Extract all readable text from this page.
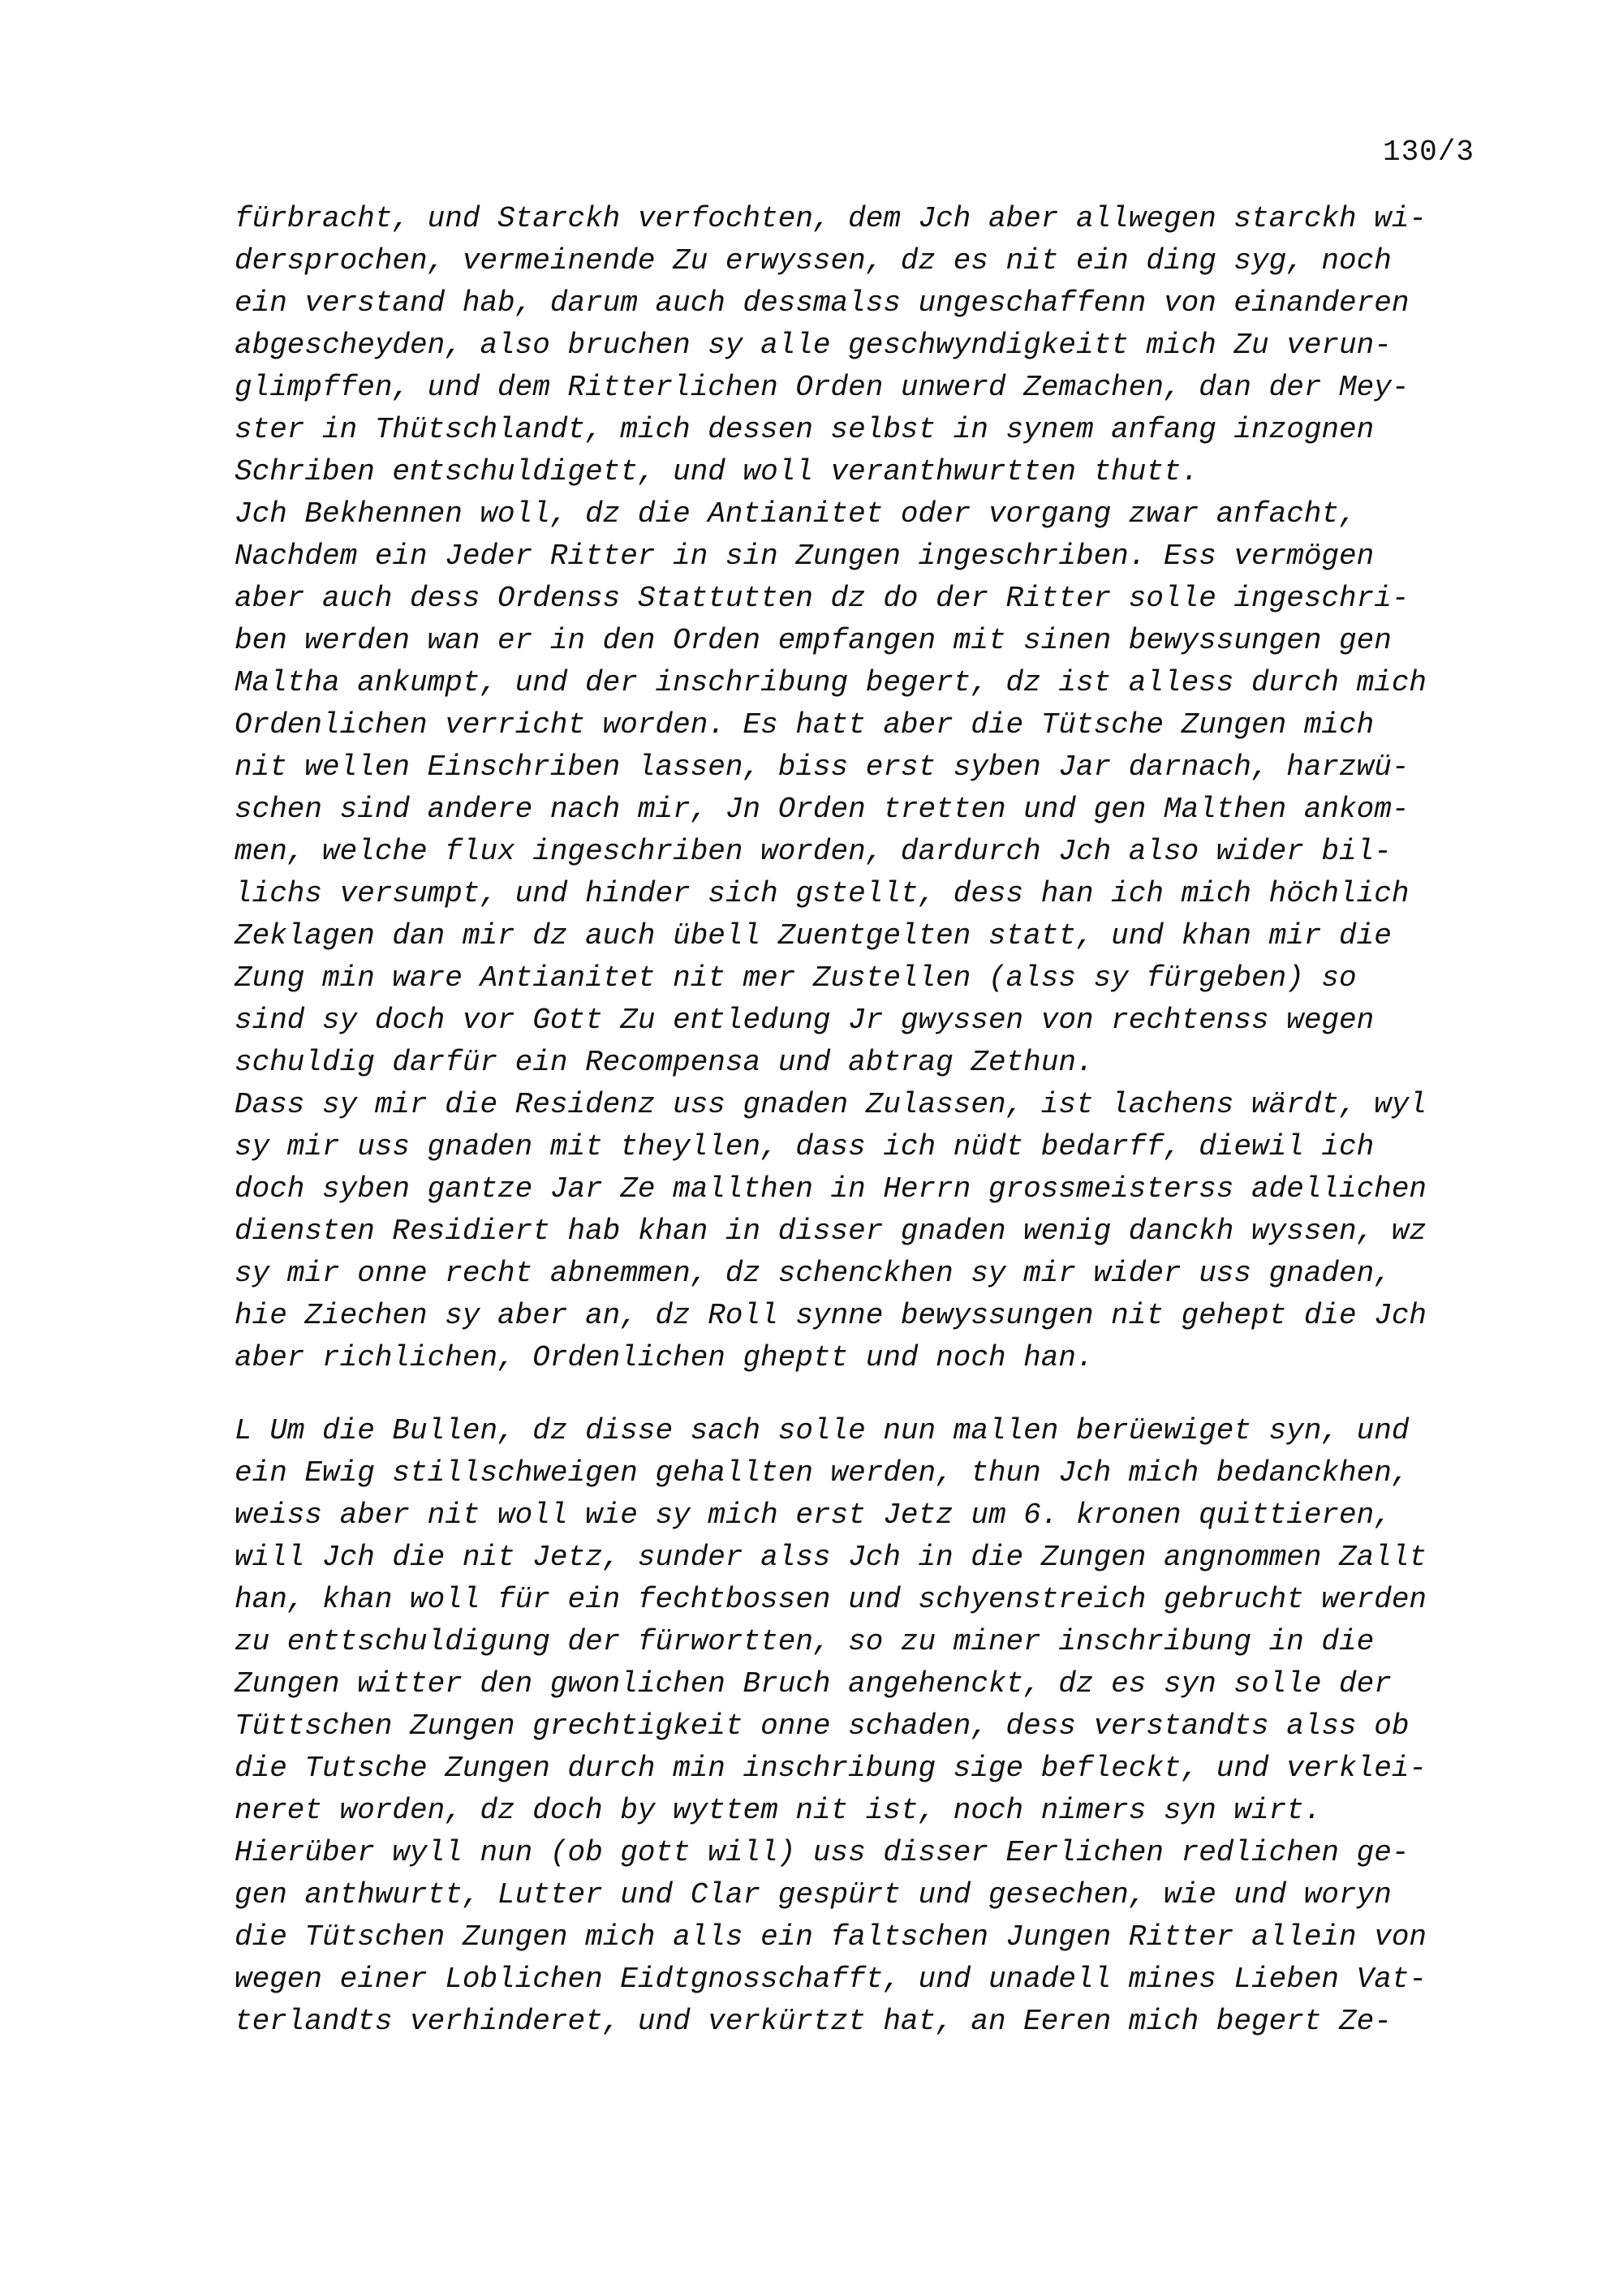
130/3
fürbracht, und Starckh verfochten, dem Jch aber allwegen starckh wi-
dersprochen, vermeinende Zu erwyssen, dz es nit ein ding syg, noch
ein verstand hab, darum auch dessmalss ungeschaffenn von einanderen
abgescheyden, also bruchen sy alle geschwyndigkeitt mich Zu verun-
glimpffen, und dem Ritterlichen Orden unwerd Zemachen, dan der Mey-
ster in Thütschlandt, mich dessen selbst in synem anfang inzognen
Schriben entschuldigett, und woll veranthwurtten thutt.
Jch Bekhennen woll, dz die Antianitet oder vorgang zwar anfacht,
Nachdem ein Jeder Ritter in sin Zungen ingeschriben. Ess vermögen
aber auch dess Ordenss Stattutten dz do der Ritter solle ingeschri-
ben werden wan er in den Orden empfangen mit sinen bewyssungen gen
Maltha ankumpt, und der inschribung begert, dz ist alless durch mich
Ordenlichen verricht worden. Es hatt aber die Tütsche Zungen mich
nit wellen Einschriben lassen, biss erst syben Jar darnach, harzwü-
schen sind andere nach mir, Jn Orden tretten und gen Malthen ankom-
men, welche flux ingeschriben worden, dardurch Jch also wider bil-
lichs versumpt, und hinder sich gstellt, dess han ich mich höchlich
Zeklagen dan mir dz auch übell Zuentgelten statt, und khan mir die
Zung min ware Antianitet nit mer Zustellen (alss sy fürgeben) so
sind sy doch vor Gott Zu entledung Jr gwyssen von rechtenss wegen
schuldig darfür ein Recompensa und abtrag Zethun.
Dass sy mir die Residenz uss gnaden Zulassen, ist lachens wärdt, wyl
sy mir uss gnaden mit theyllen, dass ich nüdt bedarff, diewil ich
doch syben gantze Jar Ze mallthen in Herrn grossmeisterss adellichen
diensten Residiert hab khan in disser gnaden wenig danckh wyssen, wz
sy mir onne recht abnemmen, dz schenckhen sy mir wider uss gnaden,
hie Ziechen sy aber an, dz Roll synne bewyssungen nit gehept die Jch
aber richlichen, Ordenlichen gheptt und noch han.
L Um die Bullen, dz disse sach solle nun mallen berüewiget syn, und
ein Ewig stillschweigen gehallten werden, thun Jch mich bedanckhen,
weiss aber nit woll wie sy mich erst Jetz um 6. kronen quittieren,
will Jch die nit Jetz, sunder alss Jch in die Zungen angnommen Zallt
han, khan woll für ein fechtbossen und schyenstreich gebrucht werden
zu enttschuldigung der fürwortten, so zu miner inschribung in die
Zungen witter den gwonlichen Bruch angehenckt, dz es syn solle der
Tüttschen Zungen grechtigkeit onne schaden, dess verstandts alss ob
die Tutsche Zungen durch min inschribung sige befleckt, und verklei-
neret worden, dz doch by wyttem nit ist, noch nimers syn wirt.
Hierüber wyll nun (ob gott will) uss disser Eerlichen redlichen ge-
gen anthwurtt, Lutter und Clar gespürt und gesechen, wie und woryn
die Tütschen Zungen mich alls ein faltschen Jungen Ritter allein von
wegen einer Loblichen Eidtgnosschafft, und unadell mines Lieben Vat-
terlandts verhinderet, und verkürtzt hat, an Eeren mich begert Ze-
